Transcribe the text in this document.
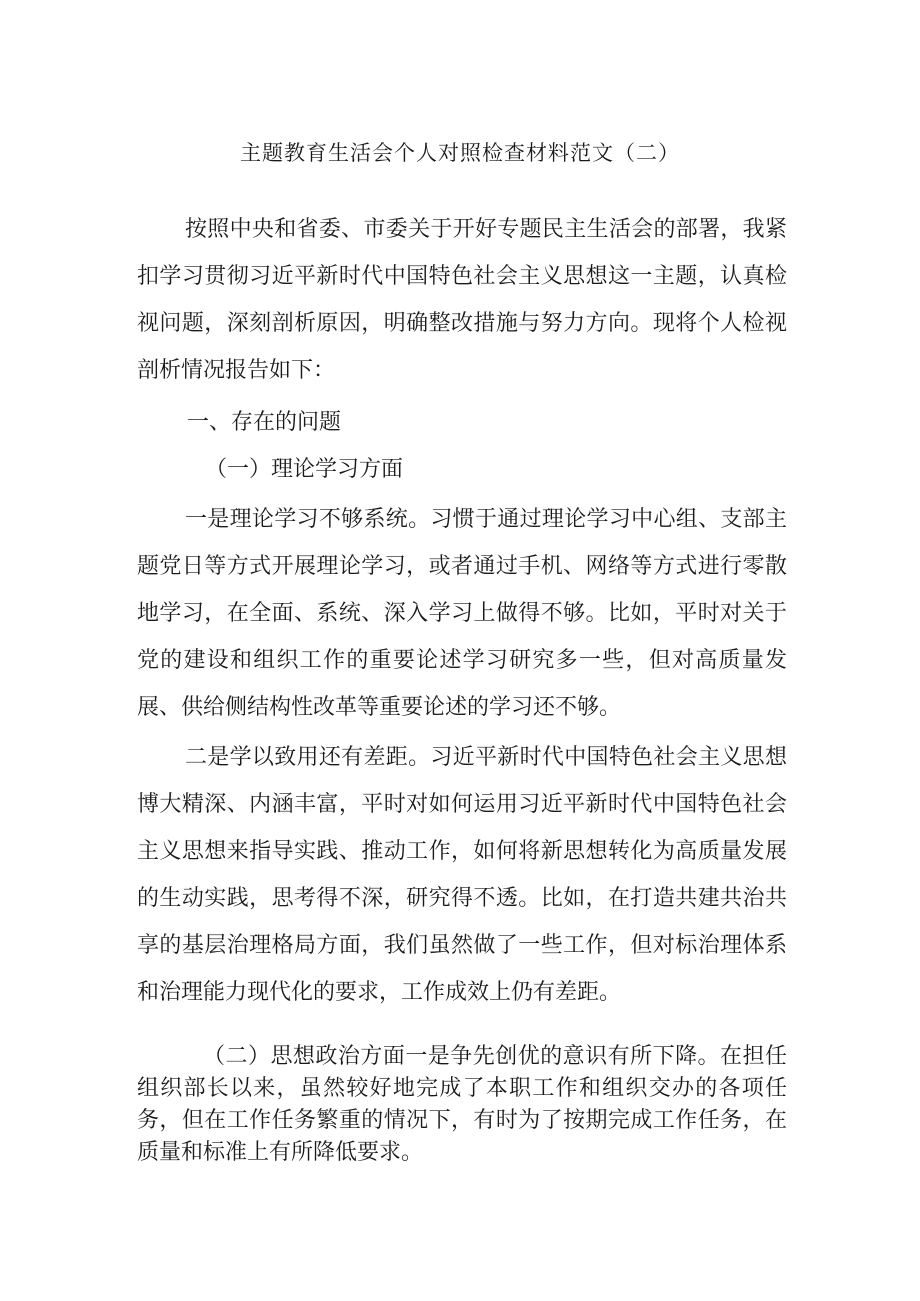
主题教育生活会个人对照检查材料范文（二）
按照中央和省委、市委关于开好专题民主生活会的部署，我紧扣学习贯彻习近平新时代中国特色社会主义思想这一主题，认真检视问题，深刻剖析原因，明确整改措施与努力方向。现将个人检视剖析情况报告如下：
一、存在的问题
（一）理论学习方面
一是理论学习不够系统。习惯于通过理论学习中心组、支部主题党日等方式开展理论学习，或者通过手机、网络等方式进行零散地学习，在全面、系统、深入学习上做得不够。比如，平时对关于党的建设和组织工作的重要论述学习研究多一些，但对高质量发展、供给侧结构性改革等重要论述的学习还不够。
二是学以致用还有差距。习近平新时代中国特色社会主义思想博大精深、内涵丰富，平时对如何运用习近平新时代中国特色社会主义思想来指导实践、推动工作，如何将新思想转化为高质量发展的生动实践，思考得不深，研究得不透。比如，在打造共建共治共享的基层治理格局方面，我们虽然做了一些工作，但对标治理体系和治理能力现代化的要求，工作成效上仍有差距。
（二）思想政治方面一是争先创优的意识有所下降。在担任组织部长以来，虽然较好地完成了本职工作和组织交办的各项任务，但在工作任务繁重的情况下，有时为了按期完成工作任务，在质量和标准上有所降低要求。
